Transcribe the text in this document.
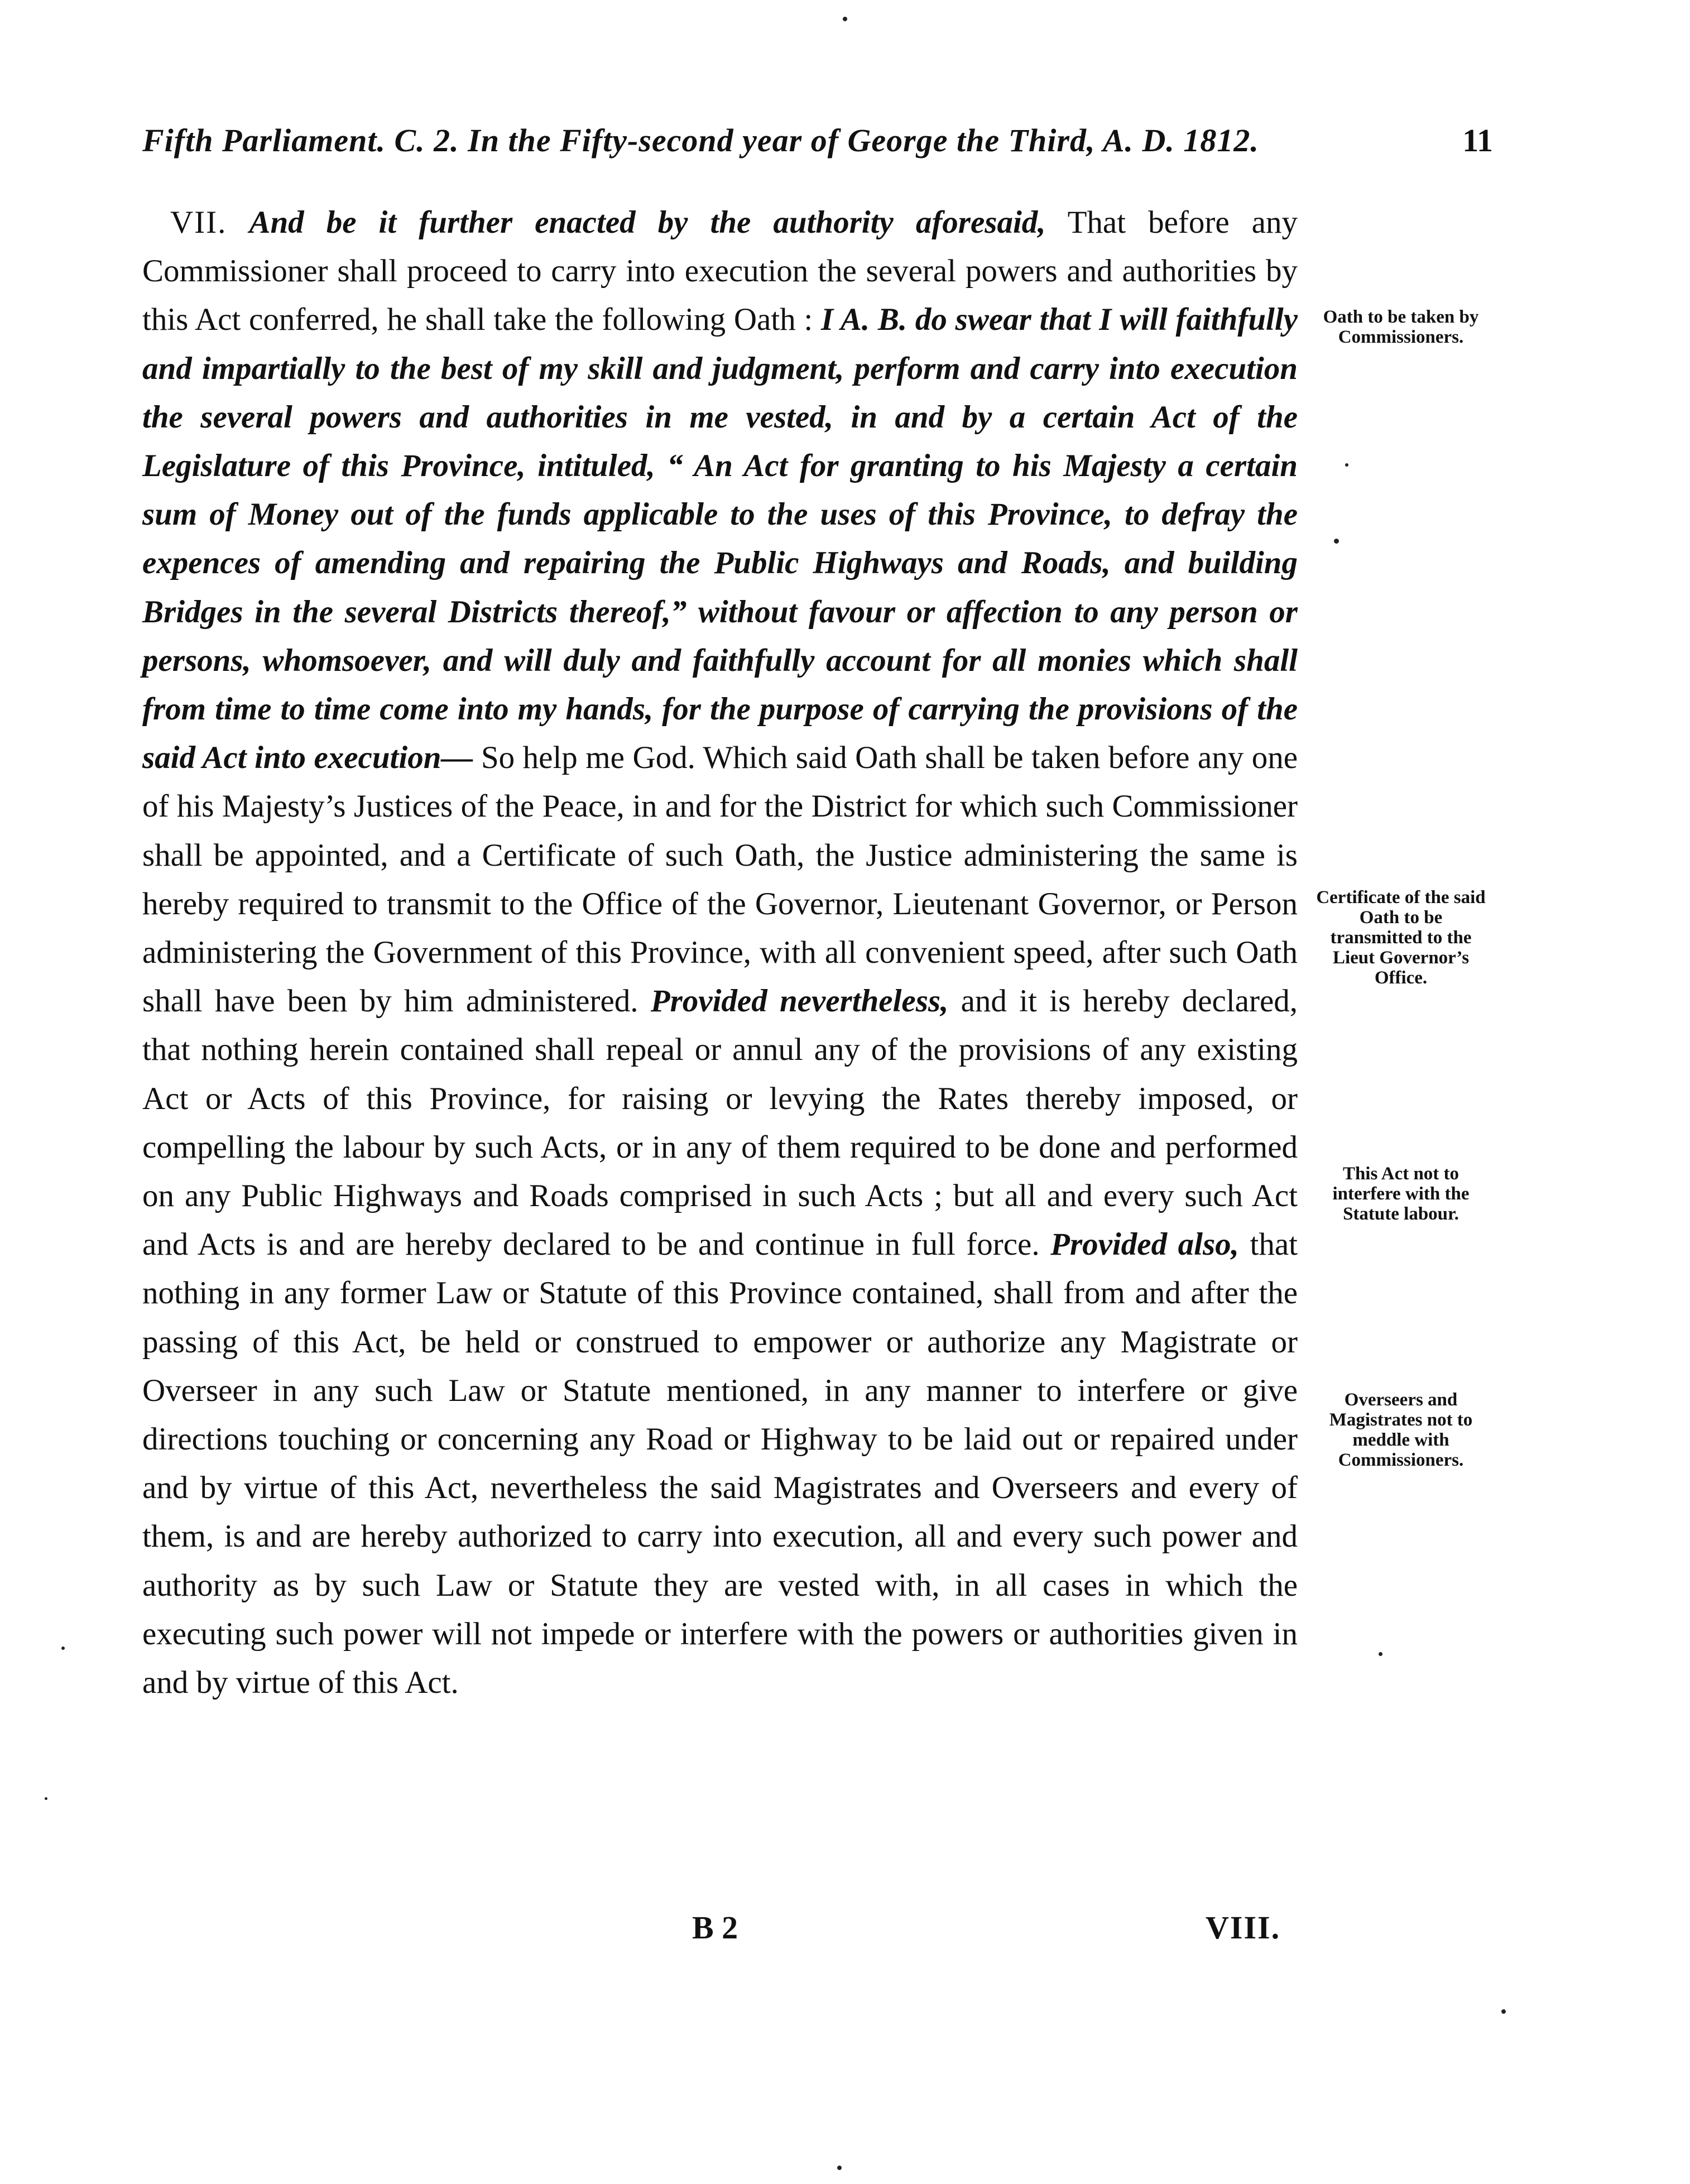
Fifth Parliament. C. 2. In the Fifty-second year of George the Third, A. D. 1812.	11

VII. And be it further enacted by the authority aforesaid, That before any Commissioner shall proceed to carry into execution the several powers and authorities by this Act conferred, he shall take the following Oath : I A. B. do swear that I will faithfully and impartially to the best of my skill and judgment, perform and carry into execution the several powers and authorities in me vested, in and by a certain Act of the Legislature of this Province, intituled, “ An Act for granting to his Majesty a certain sum of Money out of the funds applicable to the uses of this Province, to defray the expences of amending and repairing the Public Highways and Roads, and building Bridges in the several Districts thereof,” without favour or affection to any person or persons, whomsoever, and will duly and faithfully account for all monies which shall from time to time come into my hands, for the purpose of carrying the provisions of the said Act into execution— So help me God. Which said Oath shall be taken before any one of his Majesty’s Justices of the Peace, in and for the District for which such Commissioner shall be appointed, and a Certificate of such Oath, the Justice administering the same is hereby required to transmit to the Office of the Governor, Lieutenant Governor, or Person administering the Government of this Province, with all convenient speed, after such Oath shall have been by him administered. Provided nevertheless, and it is hereby declared, that nothing herein contained shall repeal or annul any of the provisions of any existing Act or Acts of this Province, for raising or levying the Rates thereby imposed, or compelling the labour by such Acts, or in any of them required to be done and performed on any Public Highways and Roads comprised in such Acts ; but all and every such Act and Acts is and are hereby declared to be and continue in full force. Provided also, that nothing in any former Law or Statute of this Province contained, shall from and after the passing of this Act, be held or construed to empower or authorize any Magistrate or Overseer in any such Law or Statute mentioned, in any manner to interfere or give directions touching or concerning any Road or Highway to be laid out or repaired under and by virtue of this Act, nevertheless the said Magistrates and Overseers and every of them, is and are hereby authorized to carry into execution, all and every such power and authority as by such Law or Statute they are vested with, in all cases in which the executing such power will not impede or interfere with the powers or authorities given in and by virtue of this Act.

Oath to be taken by Commissioners.
Certificate of the said Oath to be transmitted to the Lieut Governor’s Office.
This Act not to interfere with the Statute labour.
Overseers and Magistrates not to meddle with Commissioners.
B 2	VIII.
